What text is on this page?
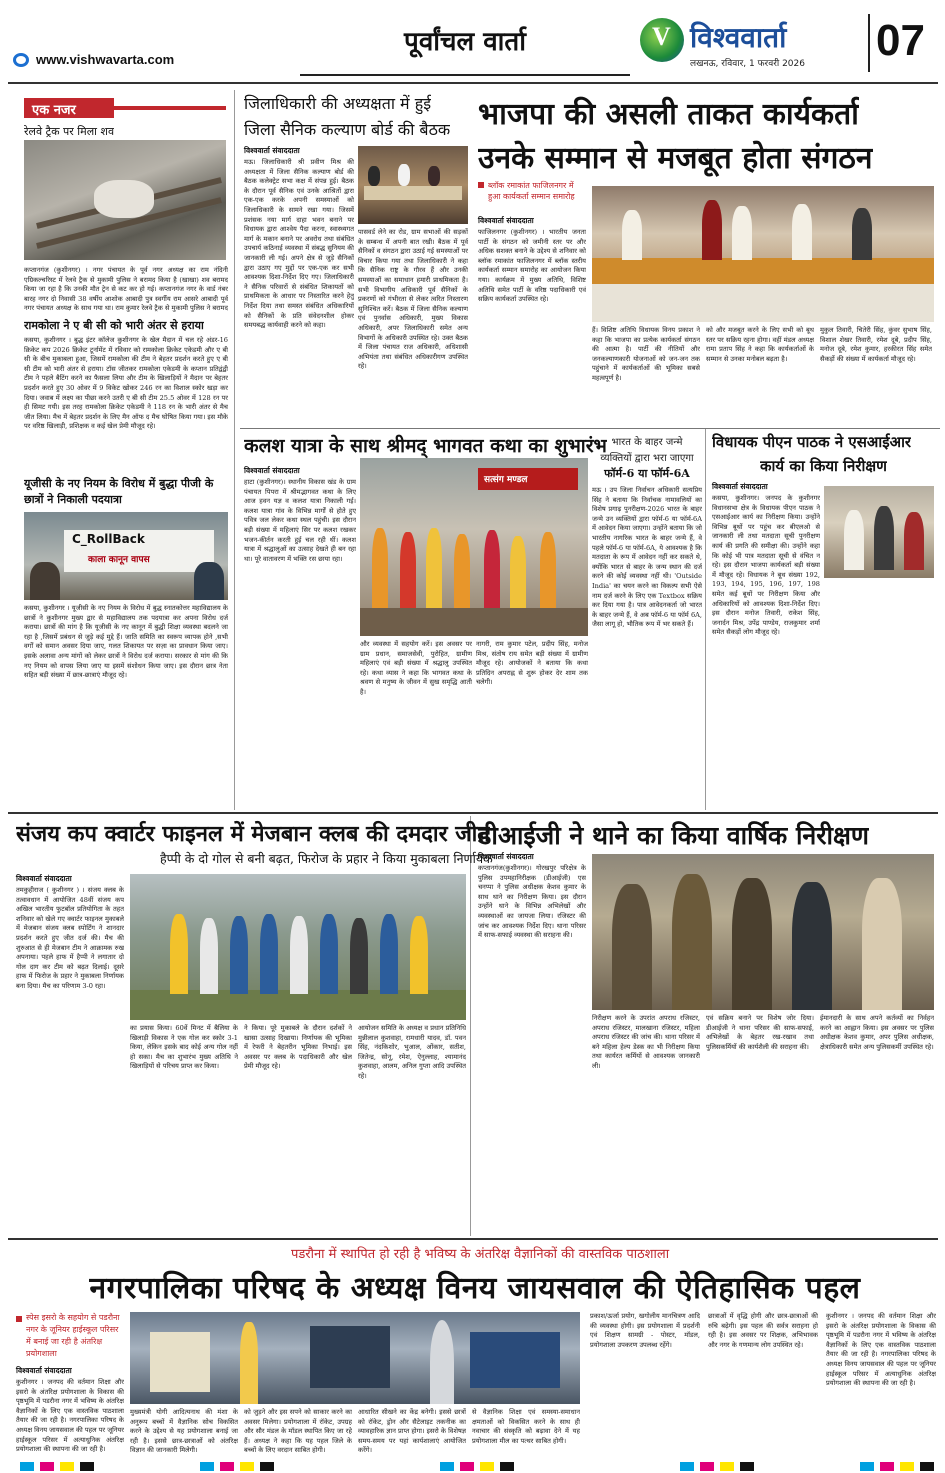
www.vishwavarta.com
पूर्वांचल वार्ता	V विश्ववार्ता
लखनऊ, रविवार, 1 फरवरी 2026 07
एक नजर
रेलवे ट्रैक पर मिला शव
कप्तानगंज (कुशीनगर) । नगर पंचायत के पूर्व नगर अध्यक्ष का राम नंदिनी एग्रिकल्चरिस्ट में रेलवे ट्रैक से मुकामी पुलिस ने बरामद किया है (खाखा) शव बरामद किया जा रहा है कि उनकी मौत ट्रेन से कट कर हो गई। कप्तानगंज नगर के वार्ड नंबर बारह नगर दो निवासी 38 वर्षीय आशोक आबादी पुत्र स्वर्गीय राम आसरे आबादी पूर्व नगर पंचायत अध्यक्ष के साथ गया था। राम कुमार रेलवे ट्रैक से मुकामी पुलिस ने बरामद
रामकोला ने ए बी सी को भारी अंतर से हराया
कसया, कुशीनगर । बुद्ध इंटर कॉलेज कुशीनगर के खेल मैदान में चल रहे अंडर-16 क्रिकेट कप 2026 क्रिकेट टूर्नामेंट में रविवार को रामकोला क्रिकेट एकेडमी और ए बी सी के बीच मुकाबला हुआ, जिसमें रामकोला की टीम ने बेहतर प्रदर्शन करते हुए ए बी सी टीम को भारी अंतर से हराया। टॉस जीतकर रामकोला एकेडमी के कप्तान प्रतिद्वंद्वी टीम ने पहले बैटिंग करने का फैसला लिया और टीम के खिलाड़ियों ने मैदान पर बेहतर प्रदर्शन करते हुए 30 ओवर में 9 विकेट खोकर 246 रन का विशाल स्कोर खड़ा कर दिया। जवाब में लक्ष्य का पीछा करने उतरी ए बी सी टीम 25.5 ओवर में 128 रन पर ही सिमट गयी। इस तरह रामकोला क्रिकेट एकेडमी ने 118 रन के भारी अंतर से मैच जीत लिया। मैच में बेहतर प्रदर्शन के लिए मैन ऑफ द मैच घोषित किया गया। इस मौके पर वरिष्ठ खिलाड़ी, प्रशिक्षक व कई खेल प्रेमी मौजूद रहे।
यूजीसी के नए नियम के विरोध में बुद्धा पीजी के छात्रों ने निकाली पदयात्रा
C_RollBack
काला कानून वापस
कसया, कुशीनगर । यूजीसी के नए नियम के विरोध में बुद्ध स्नातकोत्तर महाविद्यालय के छात्रों ने कुशीनगर मुख्य द्वार से महाविद्यालय तक पदयात्रा कर अपना विरोध दर्ज कराया। छात्रों की मांग है कि यूजीसी के नए कानून में बुद्धी शिक्षा व्यवस्था बदलने जा रहा है ,जिसमें प्रबंधन से जुड़े कई मुद्दे हैं। जाति समिति का स्वरूप व्यापक होने ,सभी वर्गों को समान अवसर दिया जाए, गलत शिकायत पर सज़ा का प्रावधान किया जाए। इसके अलावा अन्य मांगों को लेकर छात्रों ने विरोध दर्ज कराया। सरकार से मांग की कि नए नियम को वापस लिया जाए या इसमें संशोधन किया जाए। इस दौरान छात्र नेता सहित बड़ी संख्या में छात्र-छात्राएं मौजूद रहे।
जिलाधिकारी की अध्यक्षता में हुई
जिला सैनिक कल्याण बोर्ड की बैठक
विश्ववार्ता संवाददाता
मऊ। जिलाधिकारी श्री प्रवीण मिश्र की अध्यक्षता में जिला सैनिक कल्याण बोर्ड की बैठक कलेक्ट्रेट सभा कक्ष में संपन्न हुई। बैठक के दौरान पूर्व सैनिक एवं उनके आश्रितों द्वारा एक-एक करके अपनी समस्याओं को जिलाधिकारी के सामने रखा गया। जिसमें प्रशंसक नया मार्ग दाहा भवन बनाने पर विधायक द्वारा आश्वेय पैदा करना, स्वास्थ्यगत मार्ग के मकान बनाने पर अवरोध तथा संबंधित उपचार्य कठिनाई व्यवस्था में संबद्ध सुनियम की जानकारी ली गई। अपने क्षेत्र से जुड़े सैनिकों द्वारा उठाए गए मुद्दों पर एक-एक कर सभी आवश्यक दिशा-निर्देश दिए गए। जिलाधिकारी ने सैनिक परिवारों से संबंधित शिकायतों को प्राथमिकता के आधार पर निस्तारित करने हेतु निर्देश दिया तथा समस्त संबंधित अधिकारियों को सैनिकों के प्रति संवेदनशील होकर समयबद्ध कार्यवाही करने को कहा।
पासवर्ड लेने का रोड, ग्राम सभाओं की सड़कों के सम्बन्ध में अपनी बात रखी। बैठक में पूर्व सैनिकों व संगठन द्वारा उठाई गई समस्याओं पर विचार किया गया तथा जिलाधिकारी ने कहा कि सैनिक राष्ट्र के गौरव हैं और उनकी समस्याओं का समाधान हमारी प्राथमिकता है। सभी विभागीय अधिकारी पूर्व सैनिकों के प्रकरणों को गंभीरता से लेकर त्वरित निस्तारण सुनिश्चित करें। बैठक में जिला सैनिक कल्याण एवं पुनर्वास अधिकारी, मुख्य विकास अधिकारी, अपर जिलाधिकारी समेत अन्य विभागों के अधिकारी उपस्थित रहे। उक्त बैठक में जिला पंचायत राज अधिकारी, अधिशासी अभियंता तथा संबंधित अधिकारीगण उपस्थित रहे।
भाजपा की असली ताकत कार्यकर्ता
उनके सम्मान से मजबूत होता संगठन
ब्लॉक रमाकांत फाजिलनगर में हुआ कार्यकर्ता सम्मान समारोह
विश्ववार्ता संवाददाता
फाजिलनगर (कुशीनगर) । भारतीय जनता पार्टी के संगठन को जमीनी स्तर पर और अधिक सशक्त बनाने के उद्देश्य से शनिवार को ब्लॉक रमाकांत फाजिलनगर में ब्लॉक स्तरीय कार्यकर्ता सम्मान समारोह का आयोजन किया गया। कार्यक्रम में मुख्य अतिथि, विशिष्ट अतिथि समेत पार्टी के वरिष्ठ पदाधिकारी एवं सक्रिय कार्यकर्ता उपस्थित रहे।
हैं। विशिष्ट अतिथि विधायक विनय प्रकाश ने कहा कि भाजपा का प्रत्येक कार्यकर्ता संगठन की आत्मा है। पार्टी की नीतियों और जनकल्याणकारी योजनाओं को जन-जन तक पहुंचाने में कार्यकर्ताओं की भूमिका सबसे महत्वपूर्ण है।
को और मजबूत करने के लिए सभी को बूथ स्तर पर सक्रिय रहना होगा। वहीं मंडल अध्यक्ष रामा प्रताप सिंह ने कहा कि कार्यकर्ताओं के सम्मान से उनका मनोबल बढ़ता है।
मुकुल तिवारी, चितेरी सिंह, कुंवर सुभाष सिंह, विशाल शेखर तिवारी, रमेश दूबे, प्रदीप सिंह, मनोज दूबे, रमेश कुमार, हरकीरत सिंह समेत सैकड़ों की संख्या में कार्यकर्ता मौजूद रहे।
कलश यात्रा के साथ श्रीमद् भागवत कथा का शुभारंभ
विश्ववार्ता संवाददाता
हाटा (कुशीनगर)। स्थानीय विकास खंड के ग्राम पंचायत पिपरा में श्रीमद्भागवत कथा के लिए आज हवन यज्ञ व कलश यात्रा निकाली गई। कलश यात्रा गांव के विभिन्न मार्गों से होते हुए पवित्र जल लेकर कथा स्थल पहुंची। इस दौरान बड़ी संख्या में महिलाएं सिर पर कलश रखकर भजन-कीर्तन करती हुई चल रही थीं। कलश यात्रा में श्रद्धालुओं का उत्साह देखते ही बन रहा था। पूरे वातावरण में भक्ति रस छाया रहा।
सत्संग मण्डल
और व्यवस्था में सहयोग करें। इस अवसर पर ग्राम प्रधान, समाजसेवी, पुरोहित, ग्रामीण महिलाएं एवं बड़ी संख्या में श्रद्धालु उपस्थित रहे। कथा व्यास ने कहा कि भागवत कथा के श्रवण से मनुष्य के जीवन में सुख समृद्धि आती है।
नागरी, राम कुमार पटेल, प्रदीप सिंह, मनोज मिश्र, संतोष राय समेत बड़ी संख्या में ग्रामीण मौजूद रहे। आयोजकों ने बताया कि कथा प्रतिदिन अपराह्न से शुरू होकर देर शाम तक चलेगी।
भारत के बाहर जन्मे
व्यक्तियों द्वारा भरा जाएगा
फॉर्म-6 या फॉर्म-6A
मऊ । उप जिला निर्वाचन अधिकारी सत्यप्रिय सिंह ने बताया कि निर्वाचक नामावलियों का विशेष प्रगाढ़ पुनरीक्षण-2026 भारत के बाहर जन्मे उन व्यक्तियों द्वारा फॉर्म-6 या फॉर्म-6A में आवेदन किया जाएगा। उन्होंने बताया कि जो भारतीय नागरिक भारत के बाहर जन्मे हैं, वे पहले फॉर्म-6 या फॉर्म-6A, ये आवश्यक है कि मतदाता के रूप में आवेदन नहीं कर सकते थे, क्योंकि भारत से बाहर के जन्म स्थान की दर्ज करने की कोई व्यवस्था नहीं थी। 'Outside India' का चयन करने का विकल्प सभी ऐसे नाम दर्ज करने के लिए एक Textbox सक्रिय कर दिया गया है। पात्र आवेदनकर्ता जो भारत के बाहर जन्मे हैं, वे अब फॉर्म-6 या फॉर्म 6A, जैसा लागू हो, भौतिक रूप में भर सकते हैं।
विधायक पीएन पाठक ने एसआईआर
कार्य का किया निरीक्षण
विश्ववार्ता संवाददाता
कसया, कुशीनगर। जनपद के कुशीनगर विधानसभा क्षेत्र के विधायक पीएन पाठक ने एसआईआर कार्य का निरीक्षण किया। उन्होंने विभिन्न बूथों पर पहुंच कर बीएलओ से जानकारी ली तथा मतदाता सूची पुनरीक्षण कार्य की प्रगति की समीक्षा की। उन्होंने कहा कि कोई भी पात्र मतदाता सूची से वंचित न रहे। इस दौरान भाजपा कार्यकर्ता बड़ी संख्या में मौजूद रहे। विधायक ने बूथ संख्या 192, 193, 194, 195, 196, 197, 198 समेत कई बूथों पर निरीक्षण किया और अधिकारियों को आवश्यक दिशा-निर्देश दिए। इस दौरान मनोज तिवारी, राकेश सिंह, जनार्दन मिश्र, उपेंद्र पाण्डेय, राजकुमार शर्मा समेत सैकड़ों लोग मौजूद रहे।
संजय कप क्वार्टर फाइनल में मेजबान क्लब की दमदार जीत
हैप्पी के दो गोल से बनी बढ़त, फिरोज के प्रहार ने किया मुकाबला निर्णायक
विश्ववार्ता संवाददाता
तमकुहीराज ( कुशीनगर ) । संजय क्लब के तत्वावधान में आयोजित 48वीं संजय कप अखिल भारतीय फुटबॉल प्रतियोगिता के तहत शनिवार को खेले गए क्वार्टर फाइनल मुकाबले में मेजबान संजय क्लब स्पोर्टिंग ने शानदार प्रदर्शन करते हुए जीत दर्ज की। मैच की शुरुआत से ही मेजबान टीम ने आक्रामक रुख अपनाया। पहले हाफ में हैप्पी ने लगातार दो गोल दाग कर टीम को बढ़त दिलाई। दूसरे हाफ में फिरोज के प्रहार ने मुकाबला निर्णायक बना दिया। मैच का परिणाम 3-0 रहा।
का प्रयास किया। 60वें मिनट में बैलिया के खिलाड़ी विकास ने एक गोल कर स्कोर 3-1 किया, लेकिन इसके बाद कोई अन्य गोल नहीं हो सका। मैच का शुभारंभ मुख्य अतिथि ने खिलाड़ियों से परिचय प्राप्त कर किया।
ने किया। पूरे मुकाबले के दौरान दर्शकों ने खासा उत्साह दिखाया। निर्णायक की भूमिका में रेफरी ने बेहतरीन भूमिका निभाई। इस अवसर पर क्लब के पदाधिकारी और खेल प्रेमी मौजूद रहे।
आयोजन समिति के अध्यक्ष व प्रधान प्रतिनिधि मुन्नीलाल कुशवाहा, रामधारी यादव, डॉ. पवन सिंह, नंदकिशोर, भुआल, ओंकार, सतीश, जितेन्द्र, सोनू, रमेश, ऐनुल्लाह, श्यामानंद कुशवाहा, आलम, अनिल गुप्ता आदि उपस्थित रहे।
डीआईजी ने थाने का किया वार्षिक निरीक्षण
विश्ववार्ता संवाददाता
कप्तानगंज(कुशीनगर)। गोरखपुर परिक्षेत्र के पुलिस उपमहानिरीक्षक (डीआईजी) एस चनप्पा ने पुलिस अधीक्षक केशव कुमार के साथ थाने का निरीक्षण किया। इस दौरान उन्होंने थाने के विभिन्न अभिलेखों और व्यवस्थाओं का जायजा लिया। रजिस्टर की जांच कर आवश्यक निर्देश दिए। थाना परिसर में साफ-सफाई व्यवस्था की सराहना की।
निरीक्षण करने के उपरांत अपराध रजिस्टर, अपराध रजिस्टर, मालखाना रजिस्टर, महिला अपराध रजिस्टर की जांच की। थाना परिसर में बने महिला हेल्प डेस्क का भी निरीक्षण किया तथा कार्यरत कर्मियों से आवश्यक जानकारी ली।
एवं सक्रिय बनाने पर विशेष जोर दिया। डीआईजी ने थाना परिसर की साफ-सफाई, अभिलेखों के बेहतर रख-रखाव तथा पुलिसकर्मियों की कार्यशैली की सराहना की।
ईमानदारी के साथ अपने कर्तव्यों का निर्वहन करने का आह्वान किया। इस अवसर पर पुलिस अधीक्षक केशव कुमार, अपर पुलिस अधीक्षक, क्षेत्राधिकारी समेत अन्य पुलिसकर्मी उपस्थित रहे।
पडरौना में स्थापित हो रही है भविष्य के अंतरिक्ष वैज्ञानिकों की वास्तविक पाठशाला
नगरपालिका परिषद के अध्यक्ष विनय जायसवाल की ऐतिहासिक पहल
स्पेस इसरो के सहयोग से पडरौना नगर के जूनियर हाईस्कूल परिसर में बनाई जा रही है अंतरिक्ष प्रयोगशाला
विश्ववार्ता संवाददाता
कुशीनगर । जनपद की वर्तमान शिक्षा और इसरो के अंतरिक्ष प्रयोगशाला के विकास की पृष्ठभूमि में पडरौना नगर में भविष्य के अंतरिक्ष वैज्ञानिकों के लिए एक वास्तविक पाठशाला तैयार की जा रही है। नगरपालिका परिषद के अध्यक्ष विनय जायसवाल की पहल पर जूनियर हाईस्कूल परिसर में अत्याधुनिक अंतरिक्ष प्रयोगशाला की स्थापना की जा रही है।
मुख्यमंत्री योगी आदित्यनाथ की मंशा के अनुरूप बच्चों में वैज्ञानिक सोच विकसित करने के उद्देश्य से यह प्रयोगशाला बनाई जा रही है। इससे छात्र-छात्राओं को अंतरिक्ष विज्ञान की जानकारी मिलेगी।
को जुड़ने और इस सपने को साकार करने का अवसर मिलेगा। प्रयोगशाला में रॉकेट, उपग्रह और सौर मंडल के मॉडल स्थापित किए जा रहे हैं। अध्यक्ष ने कहा कि यह पहल जिले के बच्चों के लिए वरदान साबित होगी।
आधारित सीखने का केंद्र बनेगी। इससे छात्रों को रॉकेट, ड्रोन और सैटेलाइट तकनीक का व्यावहारिक ज्ञान प्राप्त होगा। इसरो के विशेषज्ञ समय-समय पर यहां कार्यशालाएं आयोजित करेंगे।
से वैज्ञानिक शिक्षा एवं समस्या-समाधान क्षमताओं को विकसित करने के साथ ही नवाचार की संस्कृति को बढ़ावा देने में यह प्रयोगशाला मील का पत्थर साबित होगी।
प्रकाश/ऊर्जा प्रयोग, खगोलीय मानचित्रण आदि की व्यवस्था होगी। इस प्रयोगशाला में प्रदर्शनी एवं शिक्षण सामग्री - पोस्टर, मॉडल, प्रयोगशाला उपकरण उपलब्ध रहेंगे।
छात्राओं में वृद्धि होगी और छात्र-छात्राओं की रुचि बढ़ेगी। इस पहल की सर्वत्र सराहना हो रही है। इस अवसर पर शिक्षक, अभिभावक और नगर के गणमान्य लोग उपस्थित रहे।
कुशीनगर । जनपद की वर्तमान शिक्षा और इसरो के अंतरिक्ष प्रयोगशाला के विकास की पृष्ठभूमि में पडरौना नगर में भविष्य के अंतरिक्ष वैज्ञानिकों के लिए एक वास्तविक पाठशाला तैयार की जा रही है। नगरपालिका परिषद के अध्यक्ष विनय जायसवाल की पहल पर जूनियर हाईस्कूल परिसर में अत्याधुनिक अंतरिक्ष प्रयोगशाला की स्थापना की जा रही है।
